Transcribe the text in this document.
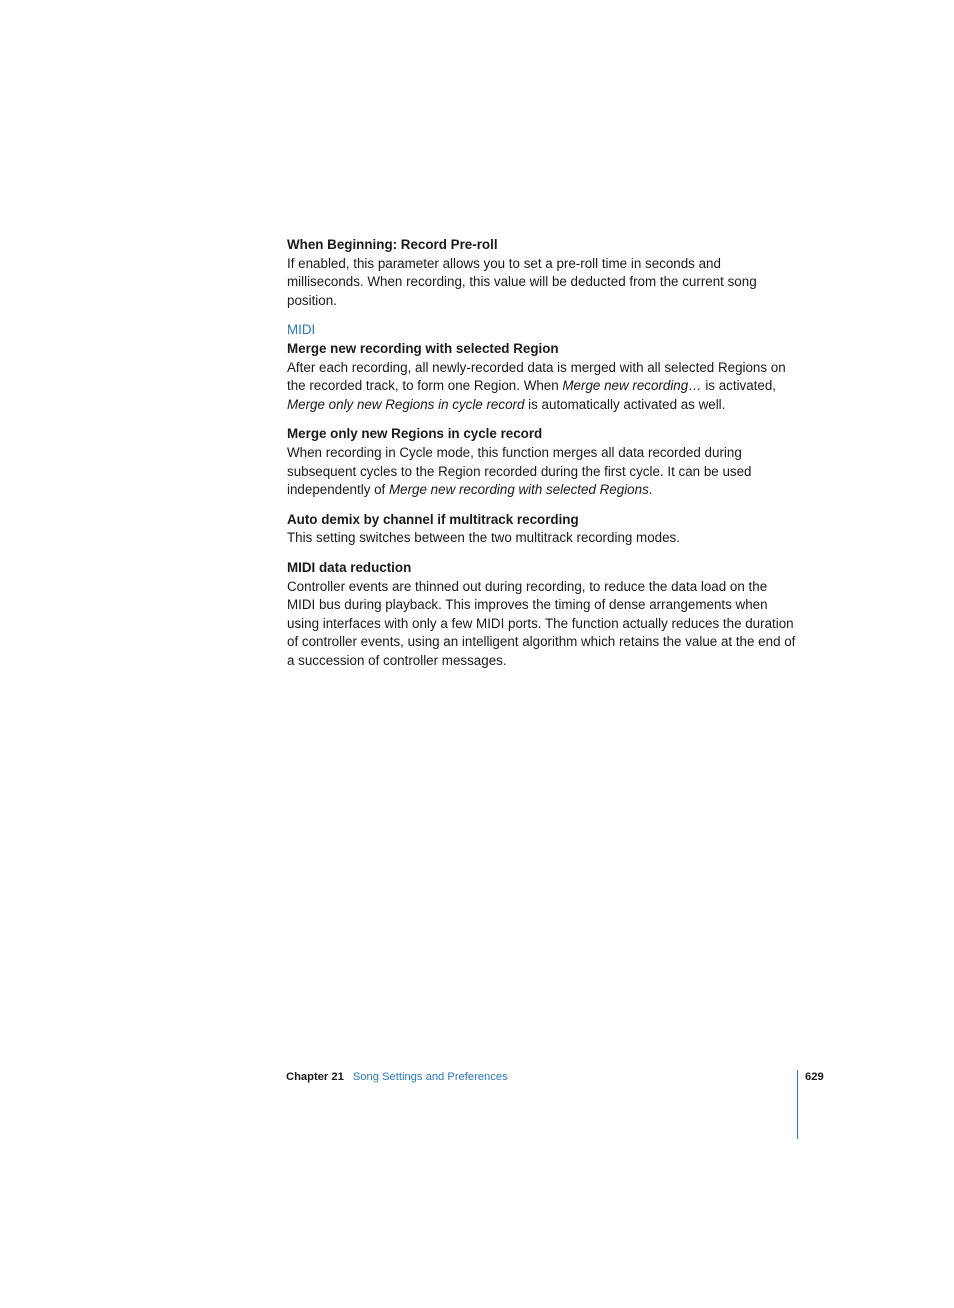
When Beginning: Record Pre-roll

If enabled, this parameter allows you to set a pre-roll time in seconds and milliseconds. When recording, this value will be deducted from the current song position.

MIDI

Merge new recording with selected Region

After each recording, all newly-recorded data is merged with all selected Regions on the recorded track, to form one Region. When Merge new recording… is activated, Merge only new Regions in cycle record is automatically activated as well.

Merge only new Regions in cycle record

When recording in Cycle mode, this function merges all data recorded during subsequent cycles to the Region recorded during the first cycle. It can be used independently of Merge new recording with selected Regions.

Auto demix by channel if multitrack recording

This setting switches between the two multitrack recording modes.

MIDI data reduction

Controller events are thinned out during recording, to reduce the data load on the MIDI bus during playback. This improves the timing of dense arrangements when using interfaces with only a few MIDI ports. The function actually reduces the duration of controller events, using an intelligent algorithm which retains the value at the end of a succession of controller messages.

Chapter 21 Song Settings and Preferences	629
